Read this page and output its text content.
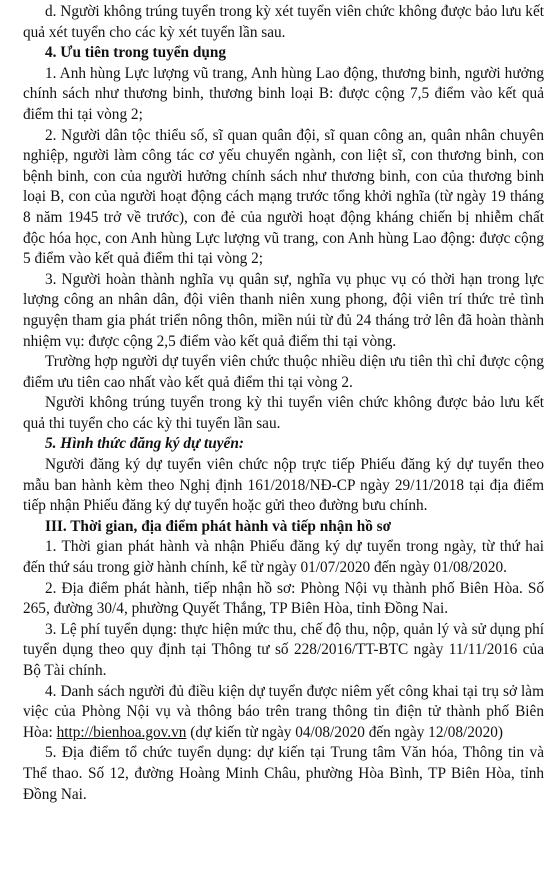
d. Người không trúng tuyển trong kỳ xét tuyển viên chức không được bảo lưu kết quả xét tuyển cho các kỳ xét tuyển lần sau.

4. Ưu tiên trong tuyển dụng

1. Anh hùng Lực lượng vũ trang, Anh hùng Lao động, thương binh, người hưởng chính sách như thương binh, thương binh loại B: được cộng 7,5 điểm vào kết quả điểm thi tại vòng 2;

2. Người dân tộc thiểu số, sĩ quan quân đội, sĩ quan công an, quân nhân chuyên nghiệp, người làm công tác cơ yếu chuyển ngành, con liệt sĩ, con thương binh, con bệnh binh, con của người hưởng chính sách như thương binh, con của thương binh loại B, con của người hoạt động cách mạng trước tổng khởi nghĩa (từ ngày 19 tháng 8 năm 1945 trở về trước), con đẻ của người hoạt động kháng chiến bị nhiễm chất độc hóa học, con Anh hùng Lực lượng vũ trang, con Anh hùng Lao động: được cộng 5 điểm vào kết quả điểm thi tại vòng 2;

3. Người hoàn thành nghĩa vụ quân sự, nghĩa vụ phục vụ có thời hạn trong lực lượng công an nhân dân, đội viên thanh niên xung phong, đội viên trí thức trẻ tình nguyện tham gia phát triển nông thôn, miền núi từ đủ 24 tháng trở lên đã hoàn thành nhiệm vụ: được cộng 2,5 điểm vào kết quả điểm thi tại vòng.

Trường hợp người dự tuyển viên chức thuộc nhiều diện ưu tiên thì chỉ được cộng điểm ưu tiên cao nhất vào kết quả điểm thi tại vòng 2.

Người không trúng tuyển trong kỳ thi tuyển viên chức không được bảo lưu kết quả thi tuyển cho các kỳ thi tuyển lần sau.

5. Hình thức đăng ký dự tuyển:

Người đăng ký dự tuyển viên chức nộp trực tiếp Phiếu đăng ký dự tuyển theo mẫu ban hành kèm theo Nghị định 161/2018/NĐ-CP ngày 29/11/2018 tại địa điểm tiếp nhận Phiếu đăng ký dự tuyển hoặc gửi theo đường bưu chính.

III. Thời gian, địa điểm phát hành và tiếp nhận hồ sơ

1. Thời gian phát hành và nhận Phiếu đăng ký dự tuyển trong ngày, từ thứ hai đến thứ sáu trong giờ hành chính, kể từ ngày 01/07/2020 đến ngày 01/08/2020.

2. Địa điểm phát hành, tiếp nhận hồ sơ: Phòng Nội vụ thành phố Biên Hòa. Số 265, đường 30/4, phường Quyết Thắng, TP Biên Hòa, tỉnh Đồng Nai.

3. Lệ phí tuyển dụng: thực hiện mức thu, chế độ thu, nộp, quản lý và sử dụng phí tuyển dụng theo quy định tại Thông tư số 228/2016/TT-BTC ngày 11/11/2016 của Bộ Tài chính.

4. Danh sách người đủ điều kiện dự tuyển được niêm yết công khai tại trụ sở làm việc của Phòng Nội vụ và thông báo trên trang thông tin điện tử thành phố Biên Hòa: http://bienhoa.gov.vn (dự kiến từ ngày 04/08/2020 đến ngày 12/08/2020)

5. Địa điểm tổ chức tuyển dụng: dự kiến tại Trung tâm Văn hóa, Thông tin và Thể thao. Số 12, đường Hoàng Minh Châu, phường Hòa Bình, TP Biên Hòa, tỉnh Đồng Nai.
